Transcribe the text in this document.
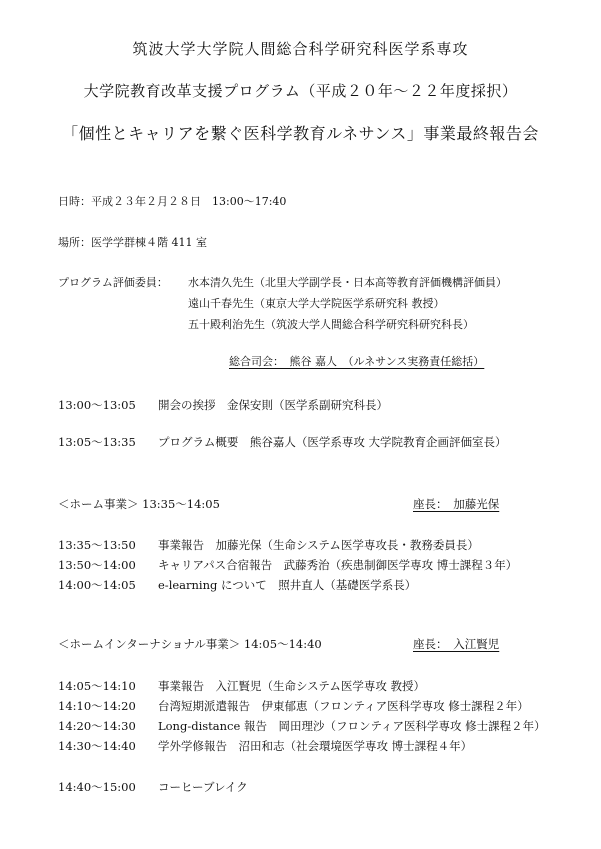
筑波大学大学院人間総合科学研究科医学系専攻
大学院教育改革支援プログラム（平成２０年～２２年度採択）
「個性とキャリアを繋ぐ医科学教育ルネサンス」事業最終報告会
日時：平成２３年２月２８日　13:00～17:40
場所：医学学群棟４階 411 室
プログラム評価委員： 水本清久先生（北里大学副学長・日本高等教育評価機構評価員）
遠山千春先生（東京大学大学院医学系研究科 教授）
五十殿利治先生（筑波大学人間総合科学研究科研究科長）
総合司会：　熊谷 嘉人　（ルネサンス実務責任総括）
13:00～13:05 開会の挨拶　金保安則（医学系副研究科長）
13:05～13:35 プログラム概要　熊谷嘉人（医学系専攻 大学院教育企画評価室長）
＜ホーム事業＞ 13:35～14:05	座長：　加藤光保
13:35～13:50 事業報告　加藤光保（生命システム医学専攻長・教務委員長）
13:50～14:00 キャリアパス合宿報告　武藤秀治（疾患制御医学専攻 博士課程３年）
14:00～14:05 e-learning について　照井直人（基礎医学系長）
＜ホームインターナショナル事業＞ 14:05～14:40	座長：　入江賢児
14:05～14:10 事業報告　入江賢児（生命システム医学専攻 教授）
14:10～14:20 台湾短期派遣報告　伊東郁恵（フロンティア医科学専攻 修士課程２年）
14:20～14:30 Long-distance 報告　岡田理沙（フロンティア医科学専攻 修士課程２年）
14:30～14:40 学外学修報告　沼田和志（社会環境医学専攻 博士課程４年）
14:40～15:00 コーヒーブレイク
